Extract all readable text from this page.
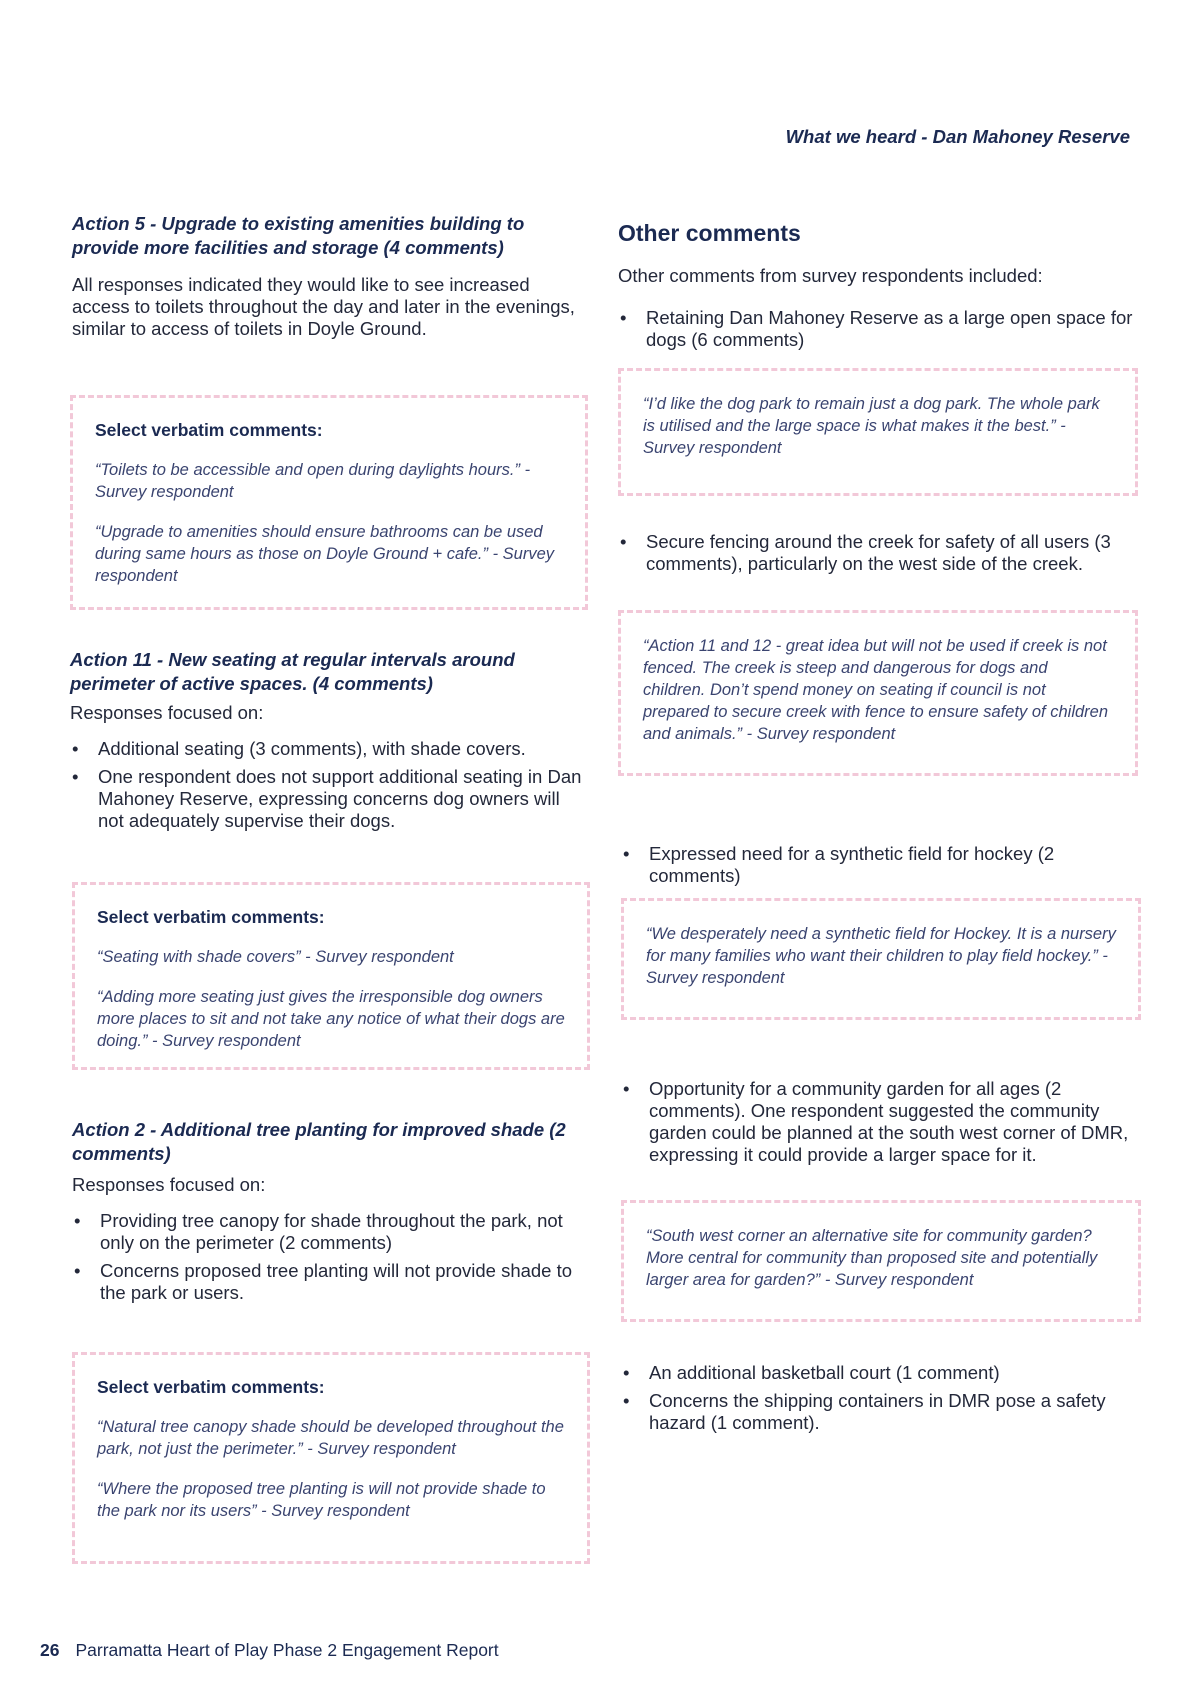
What we heard - Dan Mahoney Reserve

Action 5 - Upgrade to existing amenities building to provide more facilities and storage (4 comments)

All responses indicated they would like to see increased access to toilets throughout the day and later in the evenings, similar to access of toilets in Doyle Ground.

Select verbatim comments:

“Toilets to be accessible and open during daylights hours.” - Survey respondent

“Upgrade to amenities should ensure bathrooms can be used during same hours as those on Doyle Ground + cafe.” - Survey respondent

Action 11 - New seating at regular intervals around perimeter of active spaces. (4 comments)

Responses focused on:

• Additional seating (3 comments), with shade covers.
• One respondent does not support additional seating in Dan Mahoney Reserve, expressing concerns dog owners will not adequately supervise their dogs.

Select verbatim comments:

“Seating with shade covers” - Survey respondent

“Adding more seating just gives the irresponsible dog owners more places to sit and not take any notice of what their dogs are doing.” - Survey respondent

Action 2 - Additional tree planting for improved shade (2 comments)

Responses focused on:

• Providing tree canopy for shade throughout the park, not only on the perimeter (2 comments)
• Concerns proposed tree planting will not provide shade to the park or users.

Select verbatim comments:

“Natural tree canopy shade should be developed throughout the park, not just the perimeter.” - Survey respondent

“Where the proposed tree planting is will not provide shade to the park nor its users” - Survey respondent

Other comments

Other comments from survey respondents included:

• Retaining Dan Mahoney Reserve as a large open space for dogs (6 comments)

“I’d like the dog park to remain just a dog park. The whole park is utilised and the large space is what makes it the best.” - Survey respondent

• Secure fencing around the creek for safety of all users (3 comments), particularly on the west side of the creek.

“Action 11 and 12 - great idea but will not be used if creek is not fenced. The creek is steep and dangerous for dogs and children. Don’t spend money on seating if council is not prepared to secure creek with fence to ensure safety of children and animals.” - Survey respondent

• Expressed need for a synthetic field for hockey (2 comments)

“We desperately need a synthetic field for Hockey. It is a nursery for many families who want their children to play field hockey.” - Survey respondent

• Opportunity for a community garden for all ages (2 comments). One respondent suggested the community garden could be planned at the south west corner of DMR, expressing it could provide a larger space for it.

“South west corner an alternative site for community garden? More central for community than proposed site and potentially larger area for garden?” - Survey respondent

• An additional basketball court (1 comment)
• Concerns the shipping containers in DMR pose a safety hazard (1 comment).
26 Parramatta Heart of Play Phase 2 Engagement Report
